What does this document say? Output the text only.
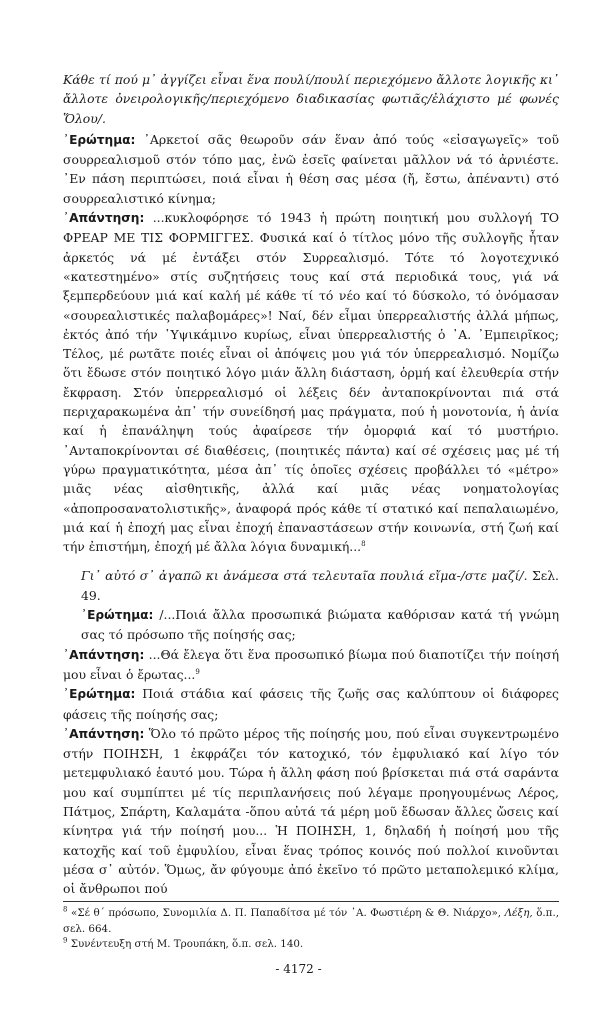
Κάθε τί πού μ᾽ ἀγγίζει εἶναι ἕνα πουλί/πουλί περιεχόμενο ἄλλοτε λογικῆς κι᾽ ἄλλοτε ὀνειρολογικῆς/περιεχόμενο διαδικασίας φωτιᾶς/ἐλάχιστο μέ φωνές Ὅλου/.

᾿Ερώτημα: ᾿Αρκετοί σᾶς θεωροῦν σάν ἕναν ἀπό τούς «εἰσαγωγεῖς» τοῦ σουρρεαλισμοῦ στόν τόπο μας, ἐνῶ ἐσεῖς φαίνεται μᾶλλον νά τό ἀρνιέστε. ᾿Εν πάση περιπτώσει, ποιά εἶναι ἡ θέση σας μέσα (ἤ, ἔστω, ἀπέναντι) στό σουρρεαλιστικό κίνημα;

᾿Απάντηση: ...κυκλοφόρησε τό 1943 ἡ πρώτη ποιητική μου συλλογή ΤΟ ΦΡΕΑΡ ΜΕ ΤΙΣ ΦΟΡΜΙΓΓΕΣ. Φυσικά καί ὁ τίτλος μόνο τῆς συλλογῆς ἦταν ἀρκετός νά μέ ἐντάξει στόν Συρρεαλισμό. Τότε τό λογοτεχνικό «κατεστημένο» στίς συζητήσεις τους καί στά περιοδικά τους, γιά νά ξεμπερδεύουν μιά καί καλή μέ κάθε τί τό νέο καί τό δύσκολο, τό ὀνόμασαν «σουρεαλιστικές παλαβομάρες»! Ναί, δέν εἶμαι ὑπερρεαλιστής ἀλλά μήπως, ἐκτός ἀπό τήν ῾Υψικάμινο κυρίως, εἶναι ὑπερρεαλιστής ὁ ᾿Α. ᾿Εμπειρῖκος; Τέλος, μέ ρωτᾶτε ποιές εἶναι οἱ ἀπόψεις μου γιά τόν ὑπερρεαλισμό. Νομίζω ὅτι ἔδωσε στόν ποιητικό λόγο μιάν ἄλλη διάσταση, ὁρμή καί ἐλευθερία στήν ἔκφραση. Στόν ὑπερρεαλισμό οἱ λέξεις δέν ἀνταποκρίνονται πιά στά περιχαρακωμένα ἀπ᾽ τήν συνείδησή μας πράγματα, πού ἡ μονοτονία, ἡ ἀνία καί ἡ ἐπανάληψη τούς ἀφαίρεσε τήν ὀμορφιά καί τό μυστήριο. ᾿Ανταποκρίνονται σέ διαθέσεις, (ποιητικές πάντα) καί σέ σχέσεις μας μέ τή γύρω πραγματικότητα, μέσα ἀπ᾽ τίς ὁποῖες σχέσεις προβάλλει τό «μέτρο» μιᾶς νέας αἰσθητικῆς, ἀλλά καί μιᾶς νέας νοηματολογίας «ἀποπροσανατολιστικῆς», ἀναφορά πρός κάθε τί στατικό καί πεπαλαιωμένο, μιά καί ἡ ἐποχή μας εἶναι ἐποχή ἐπαναστάσεων στήν κοινωνία, στή ζωή καί τήν ἐπιστήμη, ἐποχή μέ ἄλλα λόγια δυναμική...$^8$

Γι᾽ αὐτό σ᾽ ἀγαπῶ κι ἀνάμεσα στά τελευταῖα πουλιά εἴμα-/στε μαζί/. Σελ. 49.

᾿Ερώτημα: /...Ποιά ἄλλα προσωπικά βιώματα καθόρισαν κατά τή γνώμη σας τό πρόσωπο τῆς ποίησής σας;

᾿Απάντηση: ...Θά ἔλεγα ὅτι ἕνα προσωπικό βίωμα πού διαποτίζει τήν ποίησή μου εἶναι ὁ ἔρωτας...$^9$

᾿Ερώτημα: Ποιά στάδια καί φάσεις τῆς ζωῆς σας καλύπτουν οἱ διάφορες φάσεις τῆς ποίησής σας;

᾿Απάντηση: Ὅλο τό πρῶτο μέρος τῆς ποίησής μου, πού εἶναι συγκεντρωμένο στήν ΠΟΙΗΣΗ, 1 ἐκφράζει τόν κατοχικό, τόν ἐμφυλιακό καί λίγο τόν μετεμφυλιακό ἑαυτό μου. Τώρα ἡ ἄλλη φάση πού βρίσκεται πιά στά σαράντα μου καί συμπίπτει μέ τίς περιπλανήσεις πού λέγαμε προηγουμένως Λέρος, Πάτμος, Σπάρτη, Καλαμάτα -ὅπου αὐτά τά μέρη μοῦ ἔδωσαν ἄλλες ὤσεις καί κίνητρα γιά τήν ποίησή μου... Ἡ ΠΟΙΗΣΗ, 1, δηλαδή ἡ ποίησή μου τῆς κατοχῆς καί τοῦ ἐμφυλίου, εἶναι ἕνας τρόπος κοινός πού πολλοί κινοῦνται μέσα σ᾽ αὐτόν. Ὅμως, ἄν φύγουμε ἀπό ἐκεῖνο τό πρῶτο μεταπολεμικό κλίμα, οἱ ἄνθρωποι πού

$^8$ «Σέ θ΄ πρόσωπο, Συνομιλία Δ. Π. Παπαδίτσα μέ τόν ᾿Α. Φωστιέρη & Θ. Νιάρχο», Λέξη, ὅ.π., σελ. 664.

$^9$ Συνέντευξη στή Μ. Τρουπάκη, ὅ.π. σελ. 140.

- 4172 -
